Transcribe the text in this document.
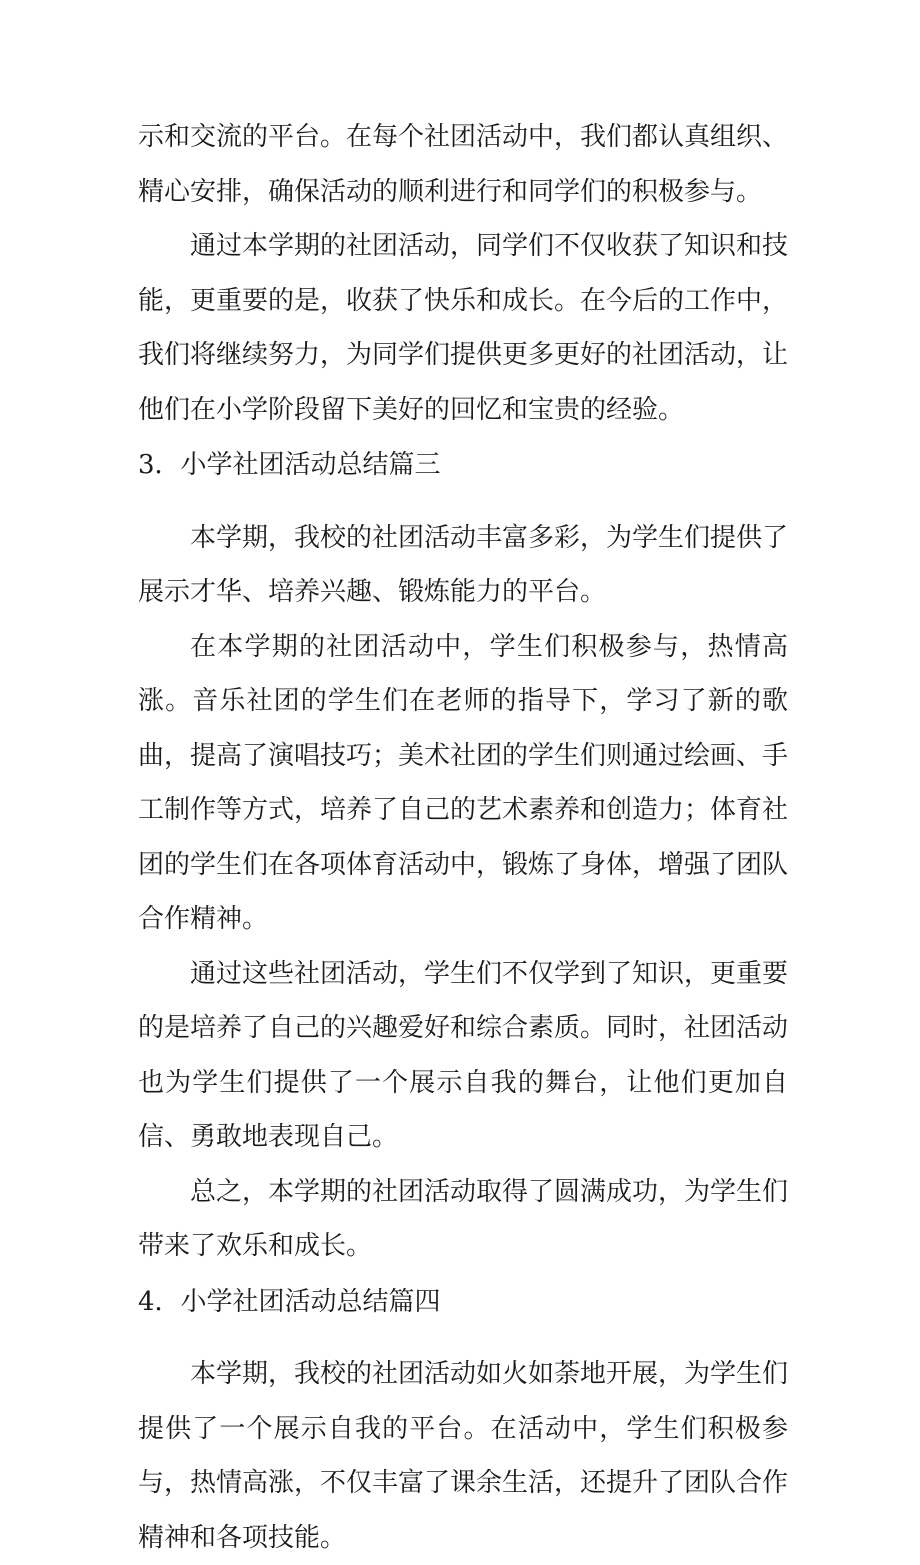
示和交流的平台。在每个社团活动中，我们都认真组织、精心安排，确保活动的顺利进行和同学们的积极参与。

通过本学期的社团活动，同学们不仅收获了知识和技能，更重要的是，收获了快乐和成长。在今后的工作中，我们将继续努力，为同学们提供更多更好的社团活动，让他们在小学阶段留下美好的回忆和宝贵的经验。

3．小学社团活动总结篇三

本学期，我校的社团活动丰富多彩，为学生们提供了展示才华、培养兴趣、锻炼能力的平台。

在本学期的社团活动中，学生们积极参与，热情高涨。音乐社团的学生们在老师的指导下，学习了新的歌曲，提高了演唱技巧；美术社团的学生们则通过绘画、手工制作等方式，培养了自己的艺术素养和创造力；体育社团的学生们在各项体育活动中，锻炼了身体，增强了团队合作精神。

通过这些社团活动，学生们不仅学到了知识，更重要的是培养了自己的兴趣爱好和综合素质。同时，社团活动也为学生们提供了一个展示自我的舞台，让他们更加自信、勇敢地表现自己。

总之，本学期的社团活动取得了圆满成功，为学生们带来了欢乐和成长。

4．小学社团活动总结篇四

本学期，我校的社团活动如火如荼地开展，为学生们提供了一个展示自我的平台。在活动中，学生们积极参与，热情高涨，不仅丰富了课余生活，还提升了团队合作精神和各项技能。
